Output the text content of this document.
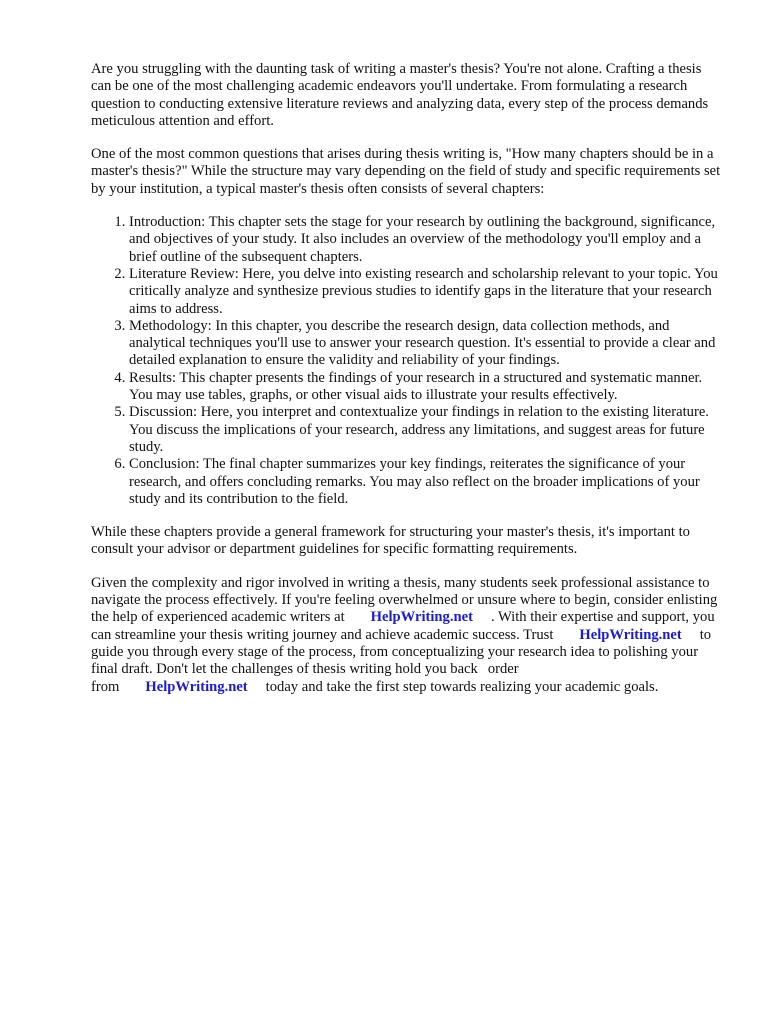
Are you struggling with the daunting task of writing a master's thesis? You're not alone. Crafting a thesis can be one of the most challenging academic endeavors you'll undertake. From formulating a research question to conducting extensive literature reviews and analyzing data, every step of the process demands meticulous attention and effort.

One of the most common questions that arises during thesis writing is, "How many chapters should be in a master's thesis?" While the structure may vary depending on the field of study and specific requirements set by your institution, a typical master's thesis often consists of several chapters:

1. Introduction: This chapter sets the stage for your research by outlining the background, significance, and objectives of your study. It also includes an overview of the methodology you'll employ and a brief outline of the subsequent chapters.
2. Literature Review: Here, you delve into existing research and scholarship relevant to your topic. You critically analyze and synthesize previous studies to identify gaps in the literature that your research aims to address.
3. Methodology: In this chapter, you describe the research design, data collection methods, and analytical techniques you'll use to answer your research question. It's essential to provide a clear and detailed explanation to ensure the validity and reliability of your findings.
4. Results: This chapter presents the findings of your research in a structured and systematic manner. You may use tables, graphs, or other visual aids to illustrate your results effectively.
5. Discussion: Here, you interpret and contextualize your findings in relation to the existing literature. You discuss the implications of your research, address any limitations, and suggest areas for future study.
6. Conclusion: The final chapter summarizes your key findings, reiterates the significance of your research, and offers concluding remarks. You may also reflect on the broader implications of your study and its contribution to the field.

While these chapters provide a general framework for structuring your master's thesis, it's important to consult your advisor or department guidelines for specific formatting requirements.

Given the complexity and rigor involved in writing a thesis, many students seek professional assistance to navigate the process effectively. If you're feeling overwhelmed or unsure where to begin, consider enlisting the help of experienced academic writers at HelpWriting.net . With their expertise and support, you can streamline your thesis writing journey and achieve academic success. Trust HelpWriting.net to guide you through every stage of the process, from conceptualizing your research idea to polishing your final draft. Don't let the challenges of thesis writing hold you back order from HelpWriting.net today and take the first step towards realizing your academic goals.
